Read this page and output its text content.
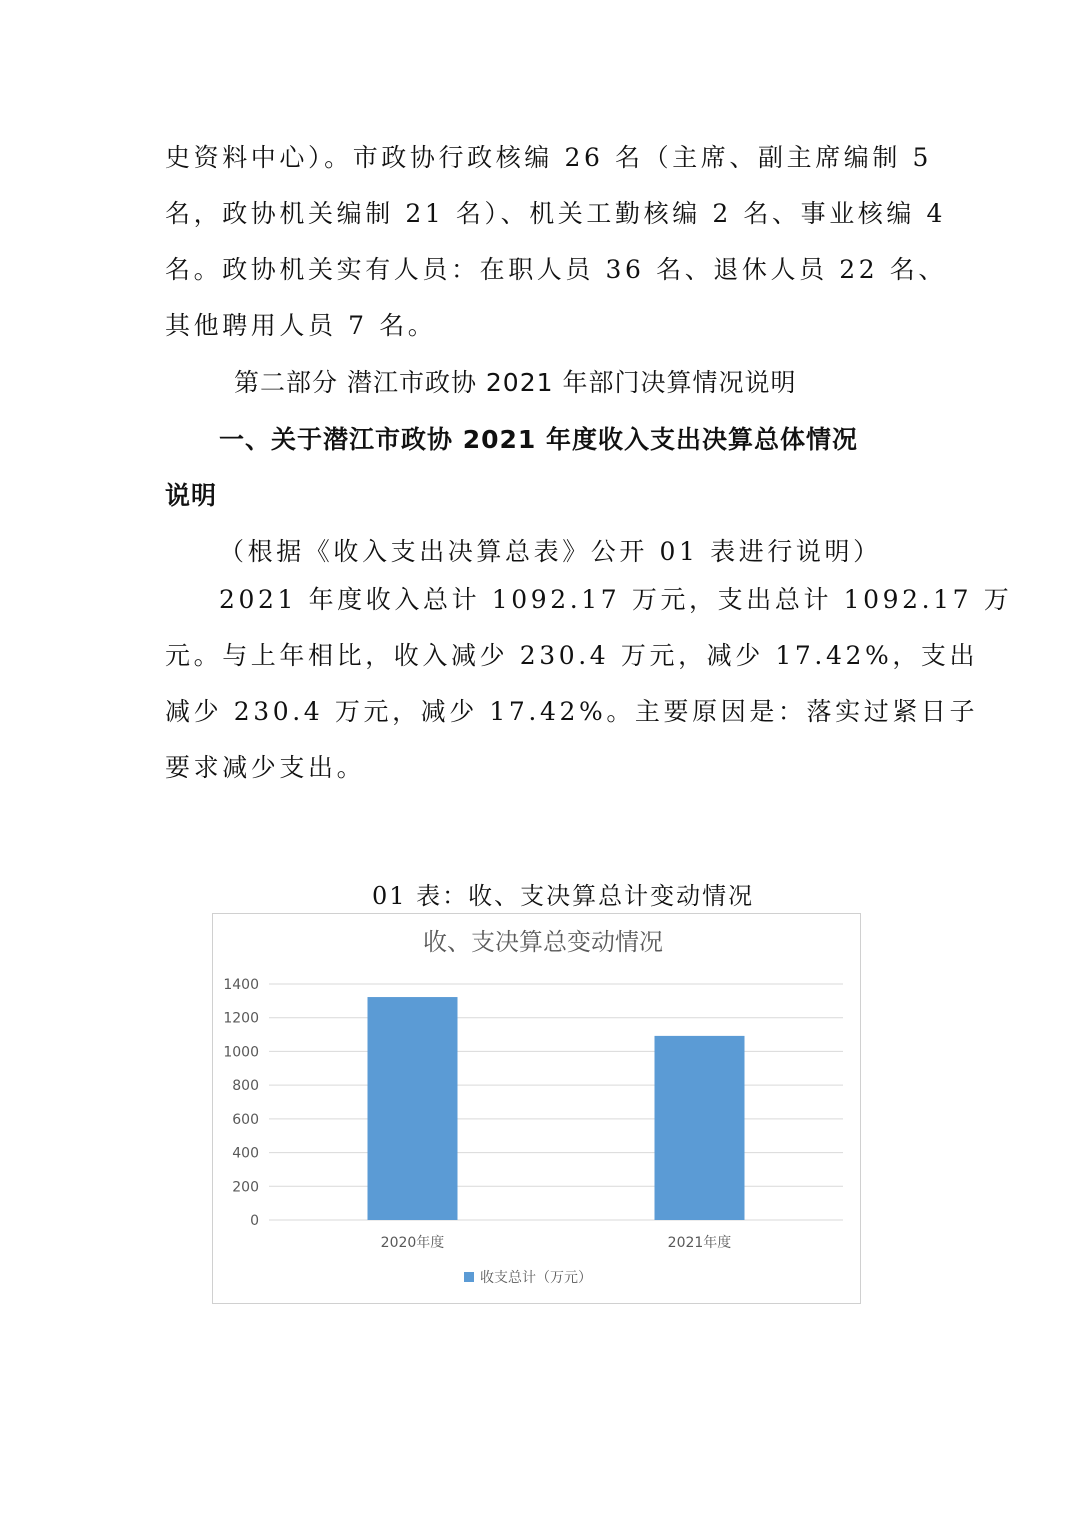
史资料中心）。市政协行政核编 26 名（主席、副主席编制 5
名，政协机关编制 21 名）、机关工勤核编 2 名、事业核编 4
名。政协机关实有人员：在职人员 36 名、退休人员 22 名、
其他聘用人员 7 名。
第二部分 潜江市政协 2021 年部门决算情况说明
一、关于潜江市政协 2021 年度收入支出决算总体情况
说明
（根据《收入支出决算总表》公开 01 表进行说明）
2021 年度收入总计 1092.17 万元，支出总计 1092.17 万
元。与上年相比，收入减少 230.4 万元，减少 17.42%，支出
减少 230.4 万元，减少 17.42%。主要原因是：落实过紧日子
要求减少支出。
01 表：收、支决算总计变动情况
收、支决算总变动情况
0
200
400
600
800
1000
1200
1400
2020年度	2021年度
收支总计（万元）
